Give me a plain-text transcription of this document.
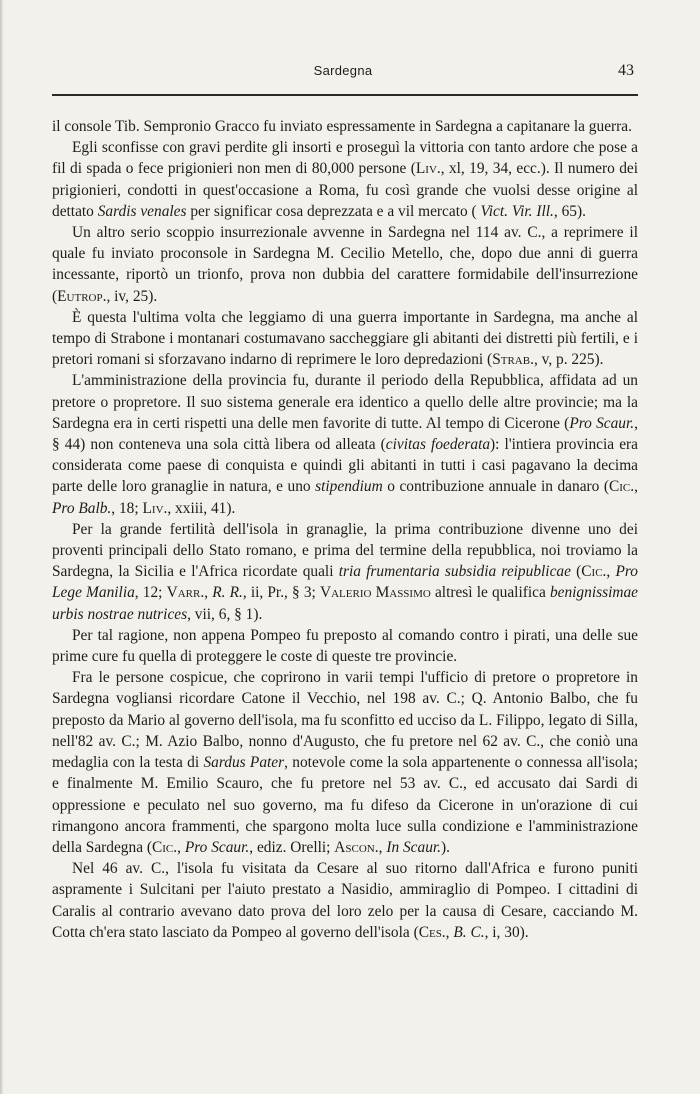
Sardegna	43

il console Tib. Sempronio Gracco fu inviato espressamente in Sardegna a capitanare la guerra.

Egli sconfisse con gravi perdite gli insorti e proseguì la vittoria con tanto ardore che pose a fil di spada o fece prigionieri non men di 80,000 persone (Liv., xl, 19, 34, ecc.). Il numero dei prigionieri, condotti in quest'occasione a Roma, fu così grande che vuolsi desse origine al dettato Sardis venales per significar cosa deprezzata e a vil mercato ( Vict. Vir. Ill., 65).

Un altro serio scoppio insurrezionale avvenne in Sardegna nel 114 av. C., a reprimere il quale fu inviato proconsole in Sardegna M. Cecilio Metello, che, dopo due anni di guerra incessante, riportò un trionfo, prova non dubbia del carattere formidabile dell'insurrezione (Eutrop., iv, 25).

È questa l'ultima volta che leggiamo di una guerra importante in Sardegna, ma anche al tempo di Strabone i montanari costumavano saccheggiare gli abitanti dei distretti più fertili, e i pretori romani si sforzavano indarno di reprimere le loro depredazioni (Strab., v, p. 225).

L'amministrazione della provincia fu, durante il periodo della Repubblica, affidata ad un pretore o propretore. Il suo sistema generale era identico a quello delle altre provincie; ma la Sardegna era in certi rispetti una delle men favorite di tutte. Al tempo di Cicerone (Pro Scaur., § 44) non conteneva una sola città libera od alleata (civitas foederata): l'intiera provincia era considerata come paese di conquista e quindi gli abitanti in tutti i casi pagavano la decima parte delle loro granaglie in natura, e uno stipendium o contribuzione annuale in danaro (Cic., Pro Balb., 18; Liv., xxiii, 41).

Per la grande fertilità dell'isola in granaglie, la prima contribuzione divenne uno dei proventi principali dello Stato romano, e prima del termine della repubblica, noi troviamo la Sardegna, la Sicilia e l'Africa ricordate quali tria frumentaria subsidia reipublicae (Cic., Pro Lege Manilia, 12; Varr., R. R., ii, Pr., § 3; Valerio Massimo altresì le qualifica benignissimae urbis nostrae nutrices, vii, 6, § 1).

Per tal ragione, non appena Pompeo fu preposto al comando contro i pirati, una delle sue prime cure fu quella di proteggere le coste di queste tre provincie.

Fra le persone cospicue, che coprirono in varii tempi l'ufficio di pretore o propretore in Sardegna vogliansi ricordare Catone il Vecchio, nel 198 av. C.; Q. Antonio Balbo, che fu preposto da Mario al governo dell'isola, ma fu sconfitto ed ucciso da L. Filippo, legato di Silla, nell'82 av. C.; M. Azio Balbo, nonno d'Augusto, che fu pretore nel 62 av. C., che coniò una medaglia con la testa di Sardus Pater, notevole come la sola appartenente o connessa all'isola; e finalmente M. Emilio Scauro, che fu pretore nel 53 av. C., ed accusato dai Sardi di oppressione e peculato nel suo governo, ma fu difeso da Cicerone in un'orazione di cui rimangono ancora frammenti, che spargono molta luce sulla condizione e l'amministrazione della Sardegna (Cic., Pro Scaur., ediz. Orelli; Ascon., In Scaur.).

Nel 46 av. C., l'isola fu visitata da Cesare al suo ritorno dall'Africa e furono puniti aspramente i Sulcitani per l'aiuto prestato a Nasidio, ammiraglio di Pompeo. I cittadini di Caralis al contrario avevano dato prova del loro zelo per la causa di Cesare, cacciando M. Cotta ch'era stato lasciato da Pompeo al governo dell'isola (Ces., B. C., i, 30).
